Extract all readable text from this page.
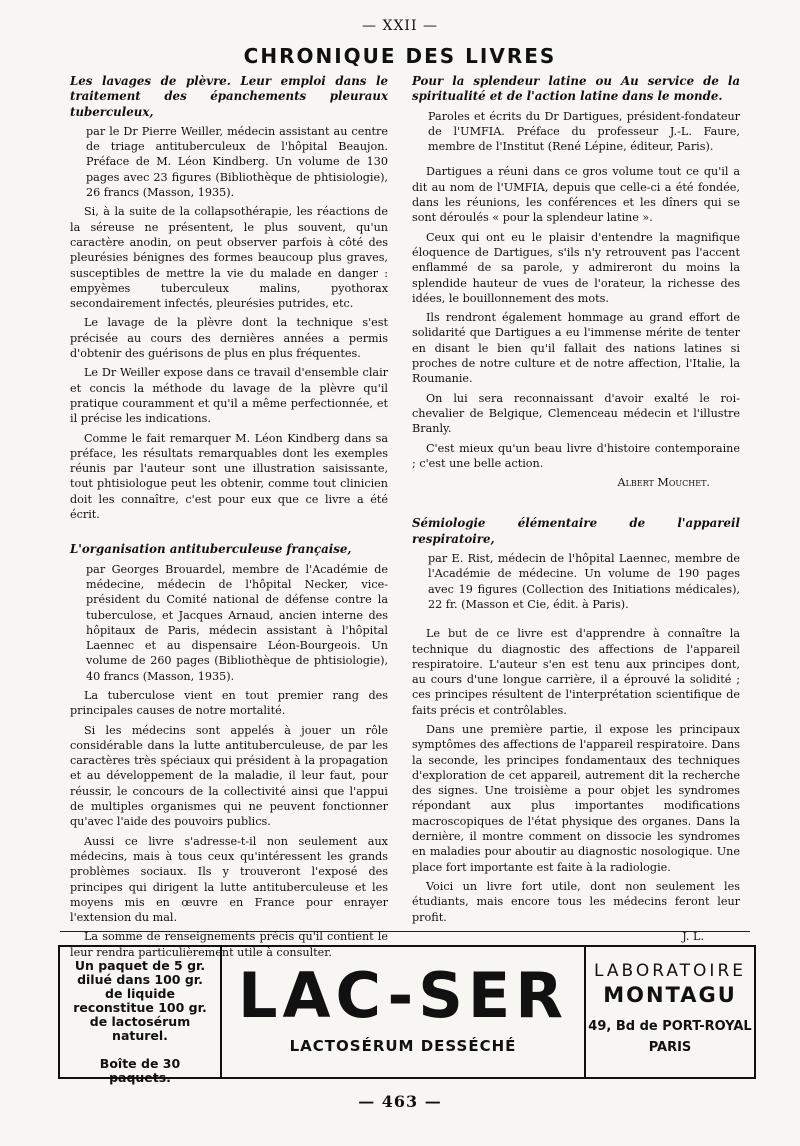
— XXII —
CHRONIQUE DES LIVRES

Les lavages de plèvre. Leur emploi dans le traitement des épanchements pleuraux tuberculeux,

par le Dr Pierre Weiller, médecin assistant au centre de triage antituberculeux de l'hôpital Beaujon. Préface de M. Léon Kindberg. Un volume de 130 pages avec 23 figures (Bibliothèque de phtisiologie), 26 francs (Masson, 1935).

Si, à la suite de la collapsothérapie, les réactions de la séreuse ne présentent, le plus souvent, qu'un caractère anodin, on peut observer parfois à côté des pleurésies bénignes des formes beaucoup plus graves, susceptibles de mettre la vie du malade en danger : empyèmes tuberculeux malins, pyothorax secondairement infectés, pleurésies putrides, etc.

Le lavage de la plèvre dont la technique s'est précisée au cours des dernières années a permis d'obtenir des guérisons de plus en plus fréquentes.

Le Dr Weiller expose dans ce travail d'ensemble clair et concis la méthode du lavage de la plèvre qu'il pratique couramment et qu'il a même perfectionnée, et il précise les indications.

Comme le fait remarquer M. Léon Kindberg dans sa préface, les résultats remarquables dont les exemples réunis par l'auteur sont une illustration saisissante, tout phtisiologue peut les obtenir, comme tout clinicien doit les connaître, c'est pour eux que ce livre a été écrit.

L'organisation antituberculeuse française,

par Georges Brouardel, membre de l'Académie de médecine, médecin de l'hôpital Necker, vice-président du Comité national de défense contre la tuberculose, et Jacques Arnaud, ancien interne des hôpitaux de Paris, médecin assistant à l'hôpital Laennec et au dispensaire Léon-Bourgeois. Un volume de 260 pages (Bibliothèque de phtisiologie), 40 francs (Masson, 1935).

La tuberculose vient en tout premier rang des principales causes de notre mortalité.

Si les médecins sont appelés à jouer un rôle considérable dans la lutte antituberculeuse, de par les caractères très spéciaux qui président à la propagation et au développement de la maladie, il leur faut, pour réussir, le concours de la collectivité ainsi que l'appui de multiples organismes qui ne peuvent fonctionner qu'avec l'aide des pouvoirs publics.

Aussi ce livre s'adresse-t-il non seulement aux médecins, mais à tous ceux qu'intéressent les grands problèmes sociaux. Ils y trouveront l'exposé des principes qui dirigent la lutte antituberculeuse et les moyens mis en œuvre en France pour enrayer l'extension du mal.

La somme de renseignements précis qu'il contient le leur rendra particulièrement utile à consulter.

Pour la splendeur latine ou Au service de la spiritualité et de l'action latine dans le monde.

Paroles et écrits du Dr Dartigues, président-fondateur de l'UMFIA. Préface du professeur J.-L. Faure, membre de l'Institut (René Lépine, éditeur, Paris).

Dartigues a réuni dans ce gros volume tout ce qu'il a dit au nom de l'UMFIA, depuis que celle-ci a été fondée, dans les réunions, les conférences et les dîners qui se sont déroulés « pour la splendeur latine ».

Ceux qui ont eu le plaisir d'entendre la magnifique éloquence de Dartigues, s'ils n'y retrouvent pas l'accent enflammé de sa parole, y admireront du moins la splendide hauteur de vues de l'orateur, la richesse des idées, le bouillonnement des mots.

Ils rendront également hommage au grand effort de solidarité que Dartigues a eu l'immense mérite de tenter en disant le bien qu'il fallait des nations latines si proches de notre culture et de notre affection, l'Italie, la Roumanie.

On lui sera reconnaissant d'avoir exalté le roi-chevalier de Belgique, Clemenceau médecin et l'illustre Branly.

C'est mieux qu'un beau livre d'histoire contemporaine ; c'est une belle action.

Albert Mouchet.

Sémiologie élémentaire de l'appareil respiratoire,

par E. Rist, médecin de l'hôpital Laennec, membre de l'Académie de médecine. Un volume de 190 pages avec 19 figures (Collection des Initiations médicales), 22 fr. (Masson et Cie, édit. à Paris).

Le but de ce livre est d'apprendre à connaître la technique du diagnostic des affections de l'appareil respiratoire. L'auteur s'en est tenu aux principes dont, au cours d'une longue carrière, il a éprouvé la solidité ; ces principes résultent de l'interprétation scientifique de faits précis et contrôlables.

Dans une première partie, il expose les principaux symptômes des affections de l'appareil respiratoire. Dans la seconde, les principes fondamentaux des techniques d'exploration de cet appareil, autrement dit la recherche des signes. Une troisième a pour objet les syndromes répondant aux plus importantes modifications macroscopiques de l'état physique des organes. Dans la dernière, il montre comment on dissocie les syndromes en maladies pour aboutir au diagnostic nosologique. Une place fort importante est faite à la radiologie.

Voici un livre fort utile, dont non seulement les étudiants, mais encore tous les médecins feront leur profit.

J. L.

Un paquet de 5 gr. dilué dans 100 gr. de liquide reconstitue 100 gr. de lactosérum naturel.
Boîte de 30 paquets.
LAC-SER
LACTOSÉRUM DESSÉCHÉ
LABORATOIRE
MONTAGU
49, Bd de PORT-ROYAL
PARIS
— 463 —
